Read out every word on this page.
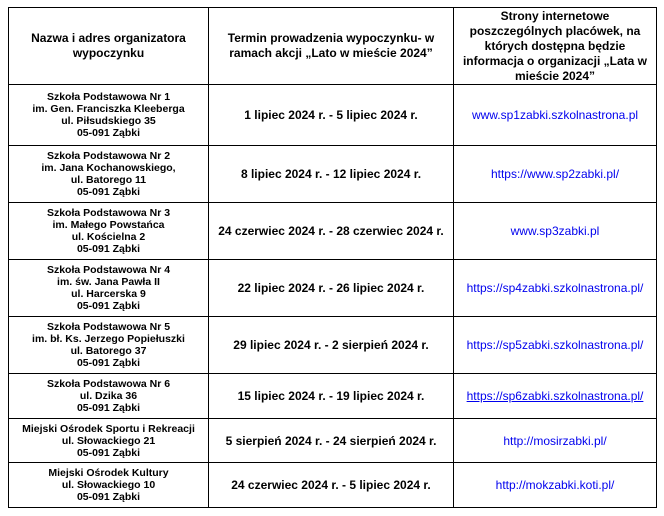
Nazwa i adres organizatora
wypoczynku	Termin prowadzenia wypoczynku- w ramach akcji „Lato w mieście 2024”	Strony internetowe poszczególnych placówek, na których dostępna będzie informacja o organizacji „Lata w mieście 2024”
Szkoła Podstawowa Nr 1
im. Gen. Franciszka Kleeberga
ul. Piłsudskiego 35
05-091 Ząbki	1 lipiec 2024 r. - 5 lipiec 2024 r.	www.sp1zabki.szkolnastrona.pl
Szkoła Podstawowa Nr 2
im. Jana Kochanowskiego,
ul. Batorego 11
05-091 Ząbki	8 lipiec 2024 r. - 12 lipiec 2024 r.	https://www.sp2zabki.pl/
Szkoła Podstawowa Nr 3
im. Małego Powstańca
ul. Kościelna 2
05-091 Ząbki	24 czerwiec 2024 r. - 28 czerwiec 2024 r.	www.sp3zabki.pl
Szkoła Podstawowa Nr 4
im. św. Jana Pawła II
ul. Harcerska 9
05-091 Ząbki	22 lipiec 2024 r. - 26 lipiec 2024 r.	https://sp4zabki.szkolnastrona.pl/
Szkoła Podstawowa Nr 5
im. bł. Ks. Jerzego Popiełuszki
ul. Batorego 37
05-091 Ząbki	29 lipiec 2024 r. - 2 sierpień 2024 r.	https://sp5zabki.szkolnastrona.pl/
Szkoła Podstawowa Nr 6
ul. Dzika 36
05-091 Ząbki	15 lipiec 2024 r. - 19 lipiec 2024 r.	https://sp6zabki.szkolnastrona.pl/
Miejski Ośrodek Sportu i Rekreacji
ul. Słowackiego 21
05-091 Ząbki	5 sierpień 2024 r. - 24 sierpień 2024 r.	http://mosirzabki.pl/
Miejski Ośrodek Kultury
ul. Słowackiego 10
05-091 Ząbki	24 czerwiec 2024 r. - 5 lipiec 2024 r.	http://mokzabki.koti.pl/
